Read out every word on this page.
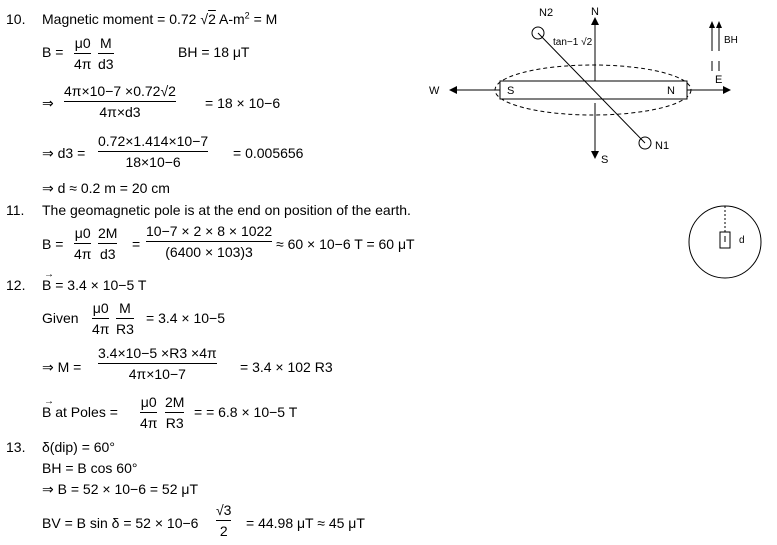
10. Magnetic moment = 0.72 √2 $A-m^2 = M$
B =
μ0
4π
M
d3
BH = 18 μT
⇒
4π×10−7 ×0.72√2
4π×d3
= 18 × 10−6
⇒ d3 =
0.72×1.414×10−7
18×10−6
= 0.005656
⇒ d ≈ 0.2 m = 20 cm
11. The geomagnetic pole is at the end on position of the earth.
B =
μ0
4π
2M
d3
=
10−7 × 2 × 8 × 1022
(6400 × 103)3 ≈ 60 × 10−6 T = 60 μT
12.
→
B = 3.4 × 10−5 T
Given
μ0
4π
M
R3
= 3.4 × 10−5
⇒ M =
3.4×10−5 ×R3 ×4π
4π×10−7	= 3.4 × 102 R3
→
B at Poles =
μ0
4π
2M
R3
= = 6.8 × 10−5 T
13. δ(dip) = 60°
BH = B cos 60°
⇒ B = 52 × 10−6 = 52 μT
BV = B sin δ = 52 × 10−6
√3
2 = 44.98 μT ≈ 45 μT
N
S
W
E
S	N
N2
N1
tan−1 √2	BH
d
